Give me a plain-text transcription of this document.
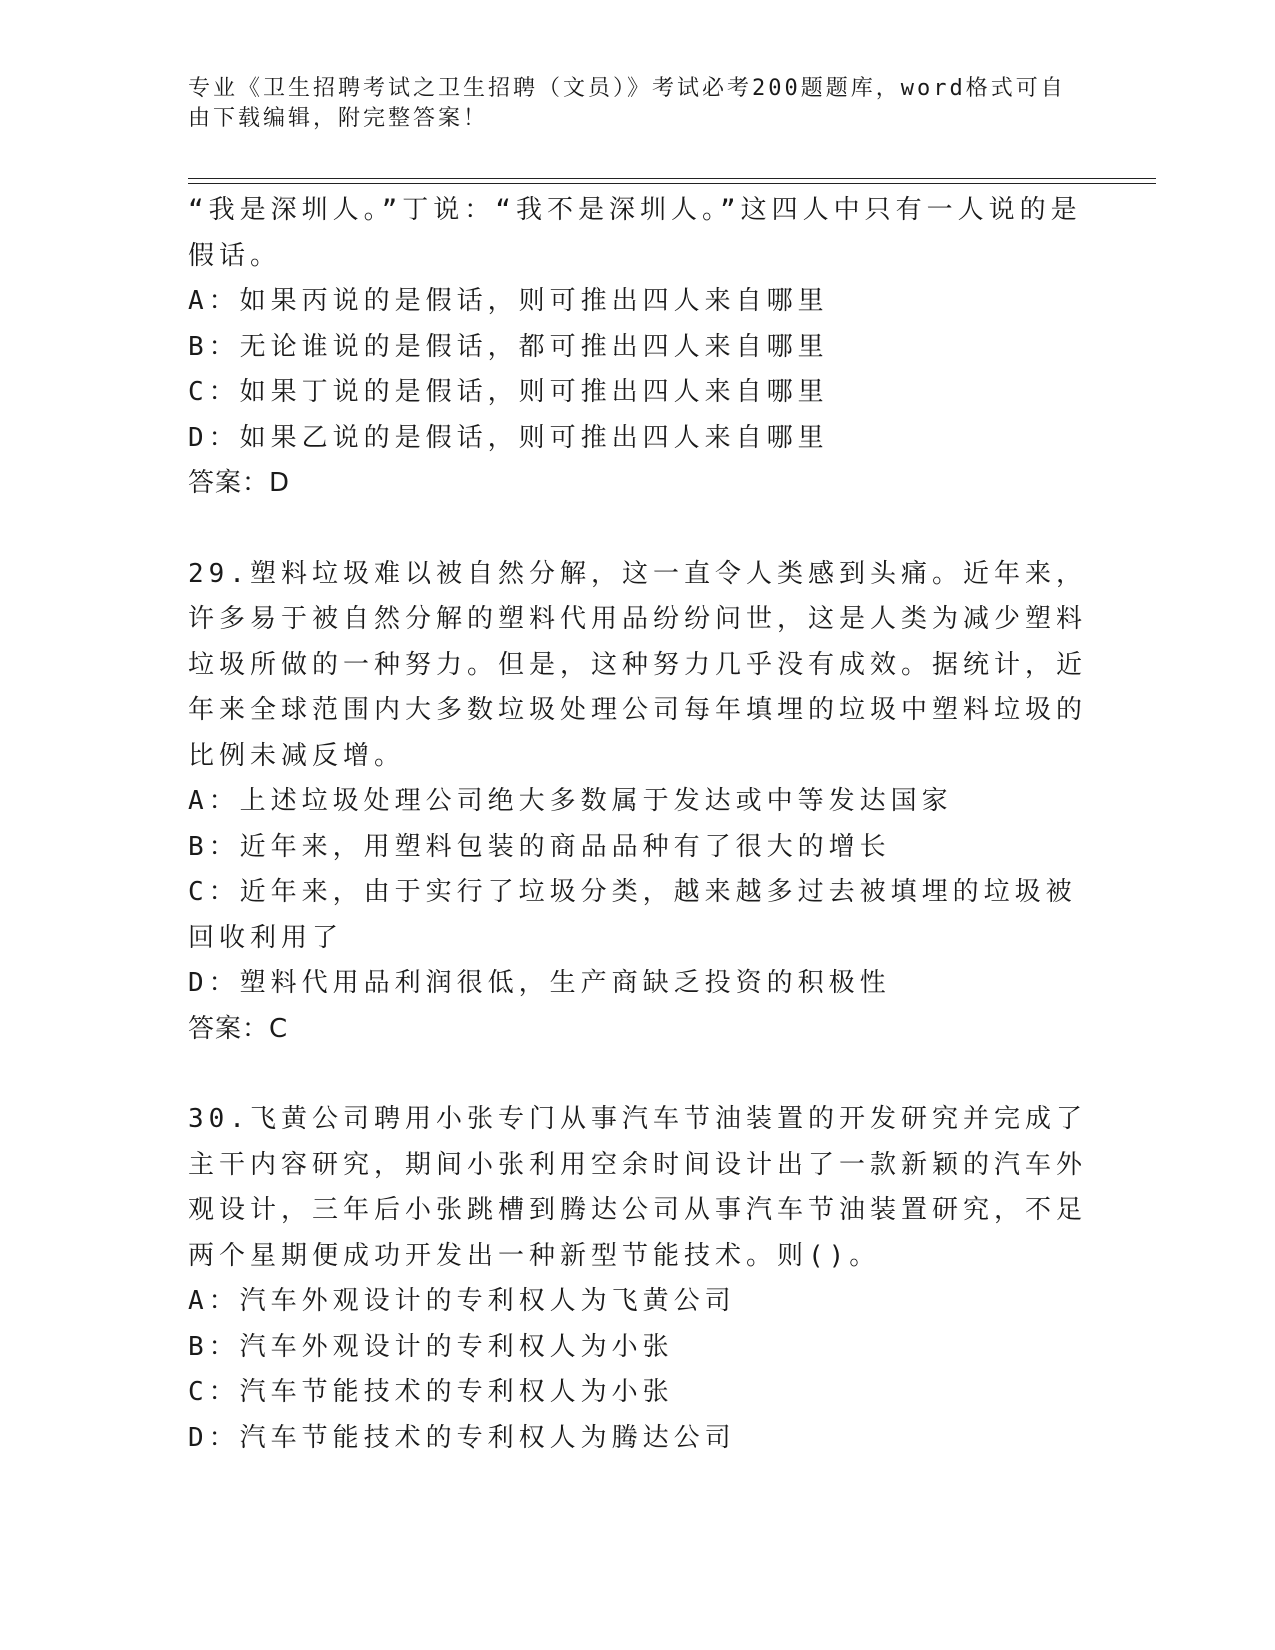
专业《卫生招聘考试之卫生招聘（文员）》考试必考200题题库，word格式可自由下载编辑，附完整答案！

“我是深圳人。”丁说：“我不是深圳人。”这四人中只有一人说的是假话。

A：如果丙说的是假话，则可推出四人来自哪里

B：无论谁说的是假话，都可推出四人来自哪里

C：如果丁说的是假话，则可推出四人来自哪里

D：如果乙说的是假话，则可推出四人来自哪里

答案：D

29.塑料垃圾难以被自然分解，这一直令人类感到头痛。近年来，许多易于被自然分解的塑料代用品纷纷问世，这是人类为减少塑料垃圾所做的一种努力。但是，这种努力几乎没有成效。据统计，近年来全球范围内大多数垃圾处理公司每年填埋的垃圾中塑料垃圾的比例未减反增。

A：上述垃圾处理公司绝大多数属于发达或中等发达国家

B：近年来，用塑料包装的商品品种有了很大的增长

C：近年来，由于实行了垃圾分类，越来越多过去被填埋的垃圾被回收利用了

D：塑料代用品利润很低，生产商缺乏投资的积极性

答案：C

30.飞黄公司聘用小张专门从事汽车节油装置的开发研究并完成了主干内容研究，期间小张利用空余时间设计出了一款新颖的汽车外观设计，三年后小张跳槽到腾达公司从事汽车节油装置研究，不足两个星期便成功开发出一种新型节能技术。则()。

A：汽车外观设计的专利权人为飞黄公司

B：汽车外观设计的专利权人为小张

C：汽车节能技术的专利权人为小张

D：汽车节能技术的专利权人为腾达公司
